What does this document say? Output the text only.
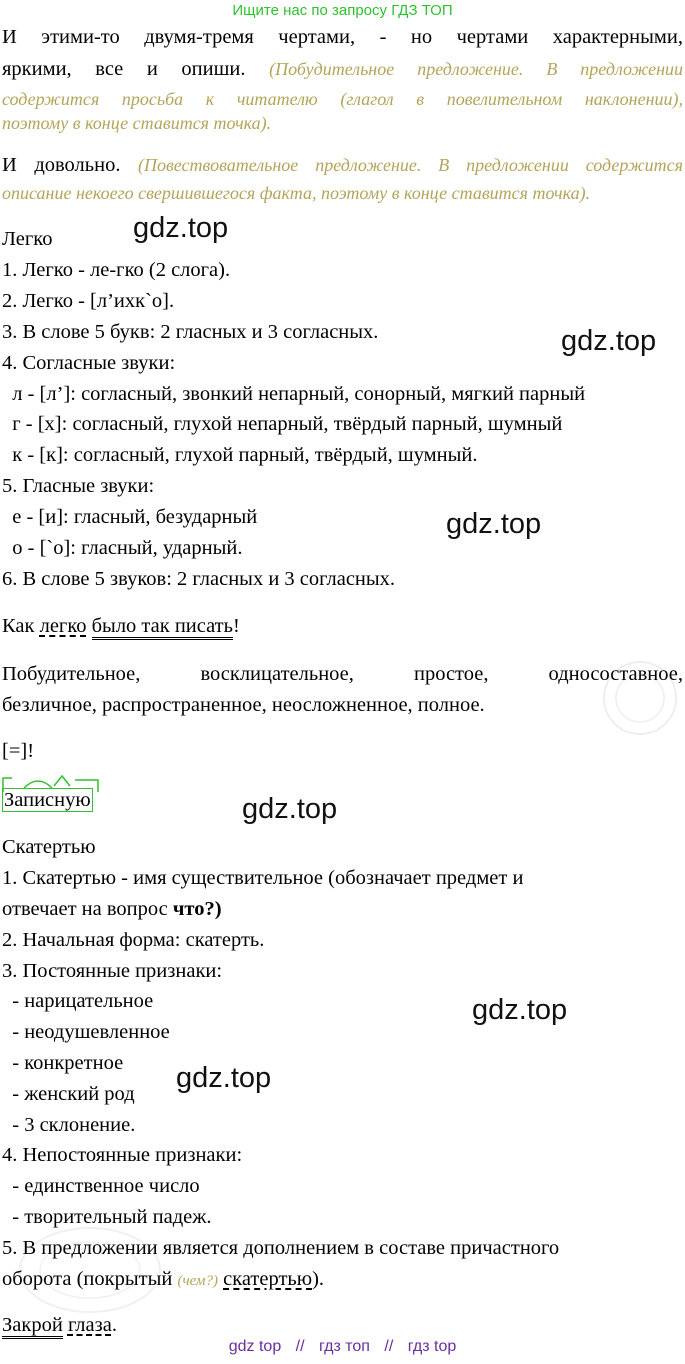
Ищите нас по запросу ГДЗ ТОП
И этими-то двумя-тремя чертами, - но чертами характерными,
яркими, все и опиши. (Побудительное предложение. В предложении
содержится просьба к читателю (глагол в повелительном наклонении),
поэтому в конце ставится точка).
И довольно. (Повествовательное предложение. В предложении содержится
описание некоего свершившегося факта, поэтому в конце ставится точка).
Легко
1. Легко - ле-гко (2 слога).
2. Легко - [л’ихк`о].
3. В слове 5 букв: 2 гласных и 3 согласных.
4. Согласные звуки:
л - [л’]: согласный, звонкий непарный, сонорный, мягкий парный
г - [х]: согласный, глухой непарный, твёрдый парный, шумный
к - [к]: согласный, глухой парный, твёрдый, шумный.
5. Гласные звуки:
е - [и]: гласный, безударный
о - [`о]: гласный, ударный.
6. В слове 5 звуков: 2 гласных и 3 согласных.
Как легко было так писать!
Побудительное, восклицательное, простое, односоставное,
безличное, распространенное, неосложненное, полное.
[=]!
Записную
Скатертью
1. Скатертью - имя существительное (обозначает предмет и
отвечает на вопрос что?)
2. Начальная форма: скатерть.
3. Постоянные признаки:
- нарицательное
- неодушевленное
- конкретное
- женский род
- 3 склонение.
4. Непостоянные признаки:
- единственное число
- творительный падеж.
5. В предложении является дополнением в составе причастного
оборота (покрытый (чем?) скатертью).
Закрой глаза.
gdz.top
gdz.top
gdz.top
gdz.top
gdz.top
gdz.top
gdz top // гдз топ // гдз top
